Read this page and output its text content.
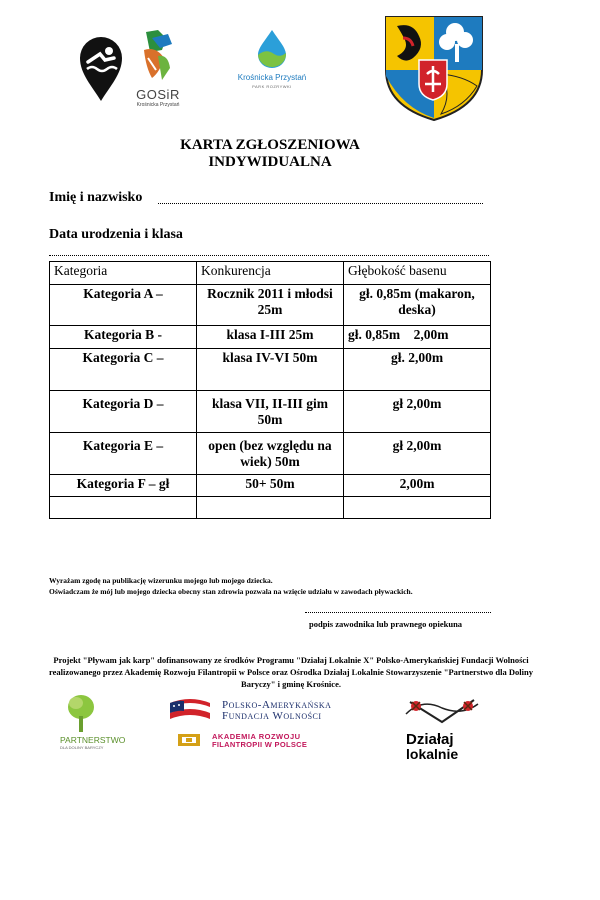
GOSiR
Krośnicka Przystań
Krośnicka Przystań
PARK ROZRYWKI
KARTA ZGŁOSZENIOWA
INDYWIDUALNA
Imię i nazwisko
Data urodzenia i klasa
Kategoria	Konkurencja	Głębokość basenu
Kategoria A –	Rocznik 2011 i młodsi 25m	gł. 0,85m (makaron, deska)
Kategoria B -	klasa I-III 25m	gł. 0,85m    2,00m
Kategoria C –	klasa IV-VI 50m	gł. 2,00m
Kategoria D –	klasa VII, II-III gim 50m	gł 2,00m
Kategoria E –	open (bez względu na wiek) 50m	gł 2,00m
Kategoria F – gł	50+ 50m	2,00m

Wyrażam zgodę na publikację wizerunku mojego lub mojego dziecka.
Oświadczam że mój lub mojego dziecka obecny stan zdrowia pozwala na wzięcie udziału w zawodach pływackich.
podpis zawodnika lub prawnego opiekuna
Projekt "Pływam jak karp" dofinansowany ze środków Programu "Działaj Lokalnie X" Polsko-Amerykańskiej Fundacji Wolności realizowanego przez Akademię Rozwoju Filantropii w Polsce oraz Ośrodka Działaj Lokalnie Stowarzyszenie "Partnerstwo dla Doliny Baryczy" i gminę Krośnice.
PARTNERSTWO
DLA DOLINY BARYCZY
Polsko-Amerykańska
Fundacja Wolności
AKADEMIA ROZWOJU
FILANTROPII W POLSCE	Działaj
lokalnie
